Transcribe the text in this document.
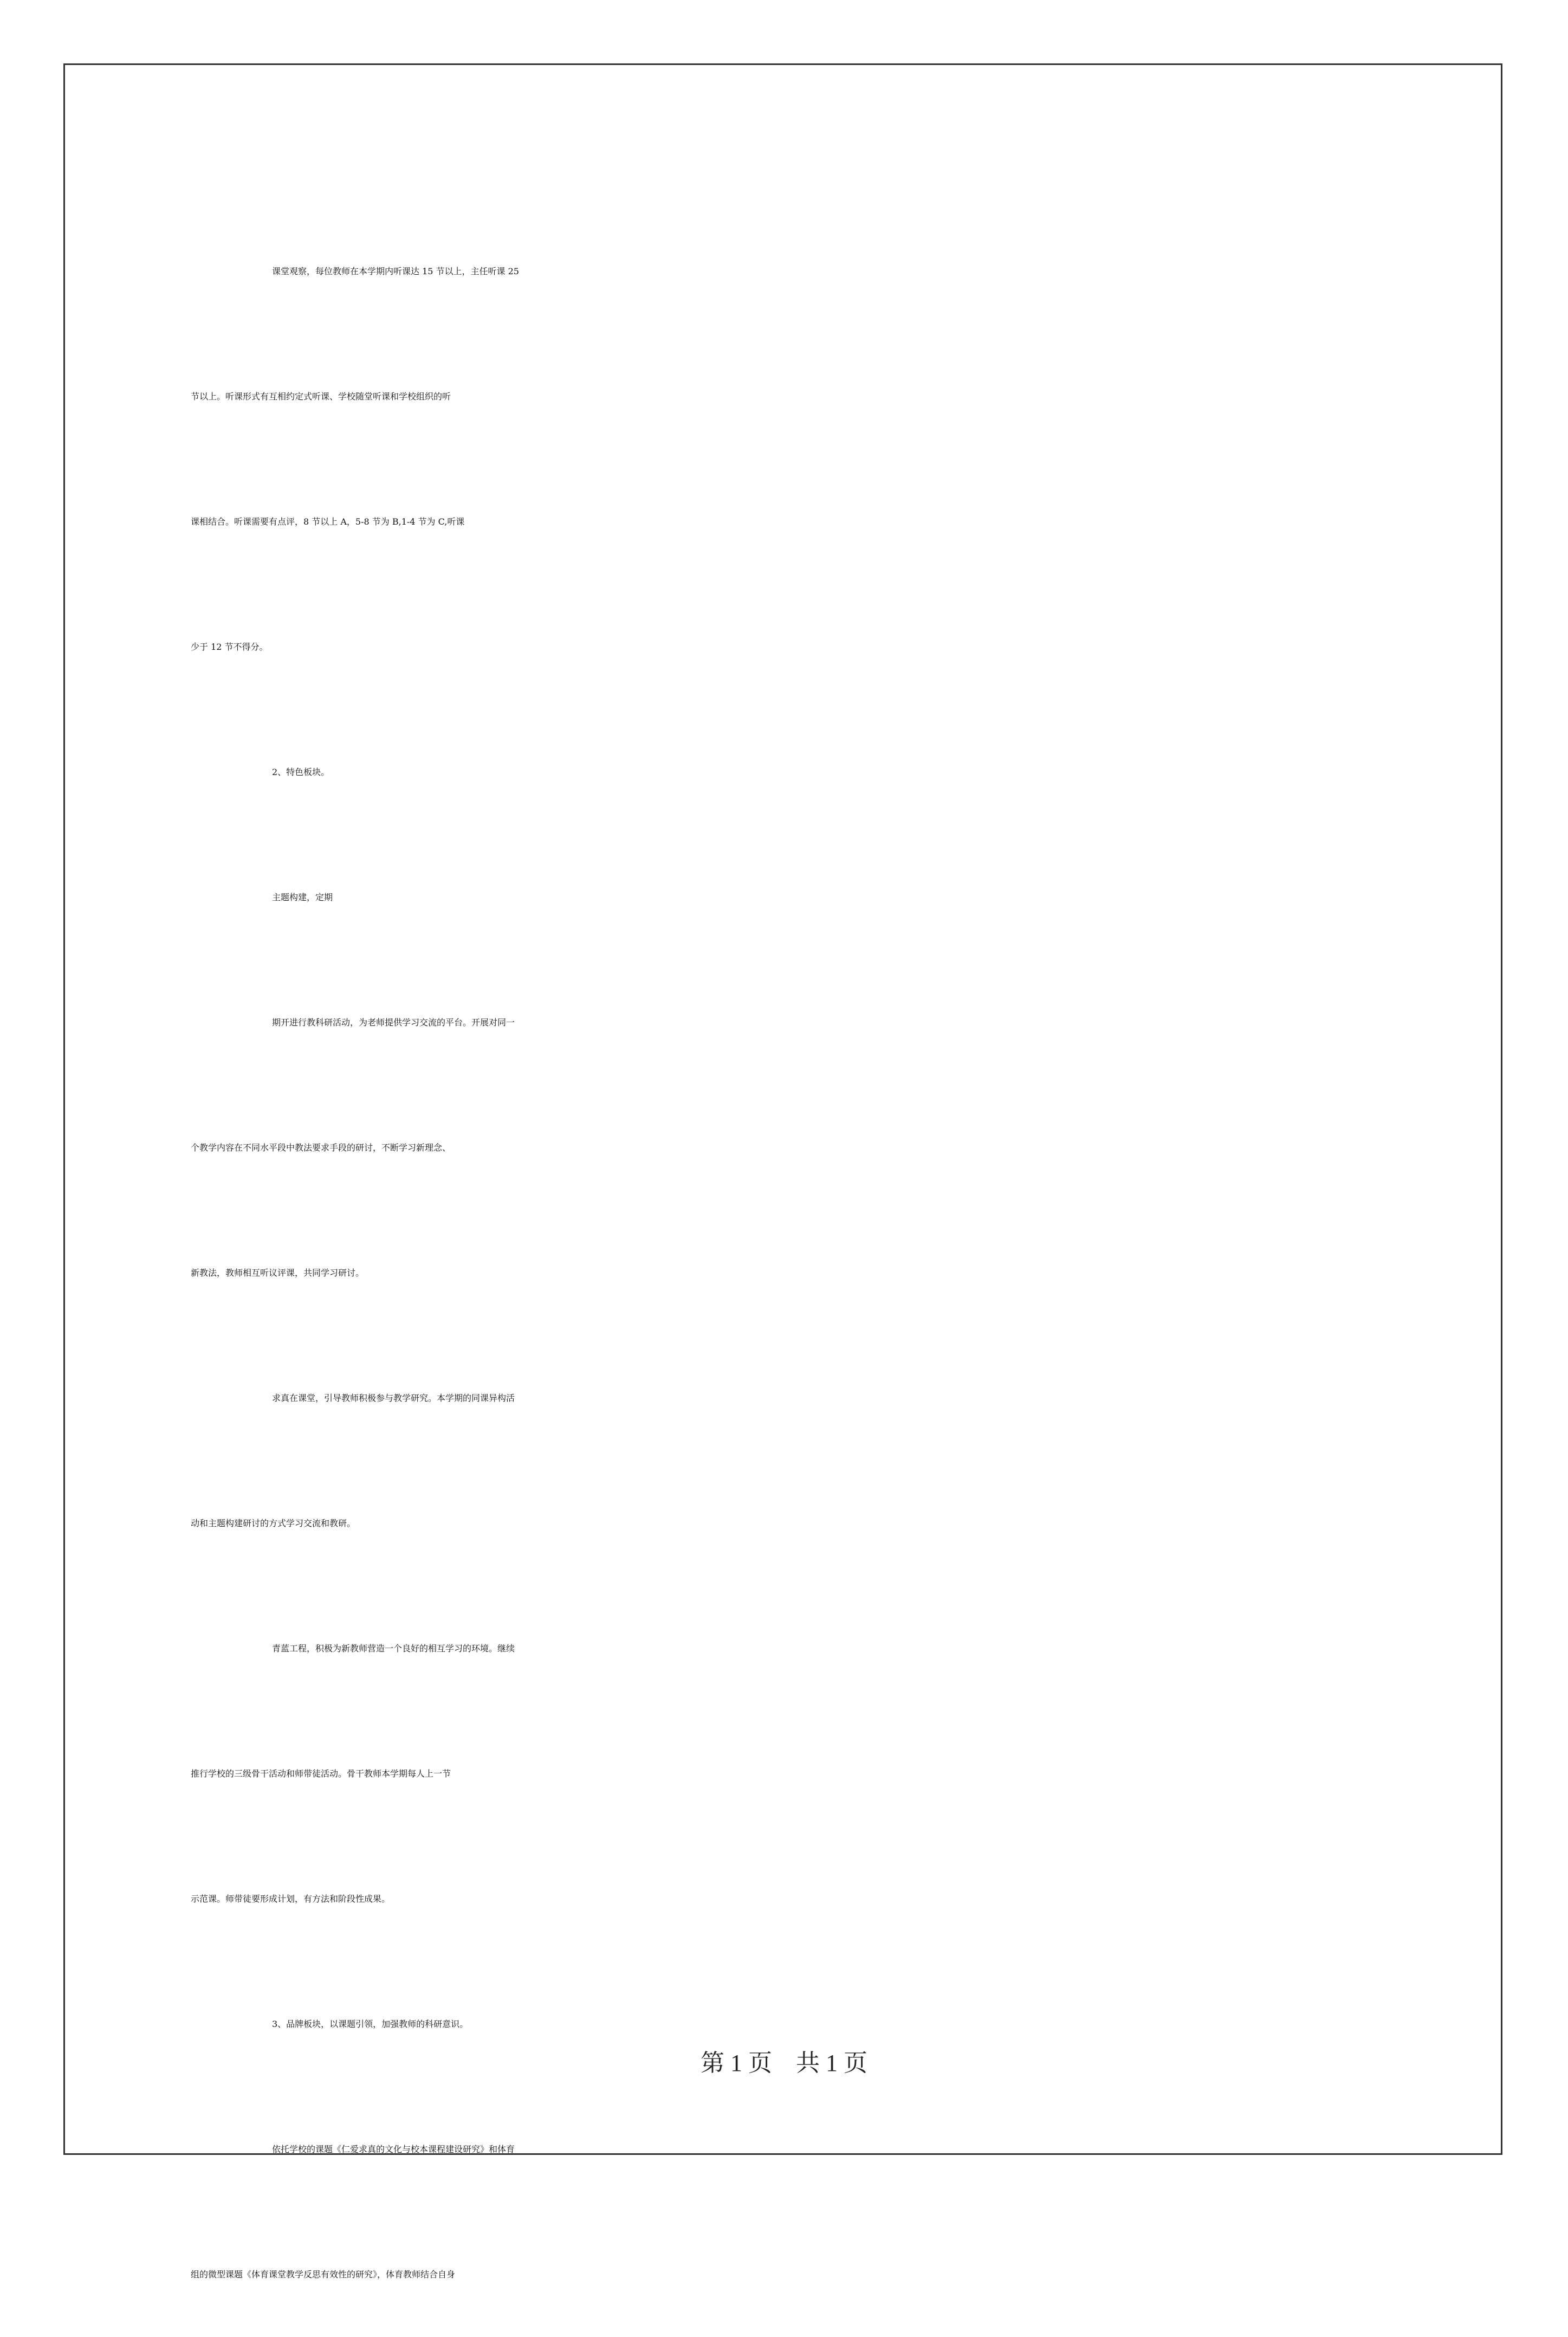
课堂观察，每位教师在本学期内听课达 15 节以上，主任听课 25
节以上。听课形式有互相约定式听课、学校随堂听课和学校组织的听
课相结合。听课需要有点评，8 节以上 A，5-8 节为 B,1-4 节为 C,听课
少于 12 节不得分。
2、特色板块。
主题构建，定期
期开进行教科研活动，为老师提供学习交流的平台。开展对同一
个教学内容在不同水平段中教法要求手段的研讨，不断学习新理念、
新教法，教师相互听议评课，共同学习研讨。
求真在课堂，引导教师积极参与教学研究。本学期的同课异构活
动和主题构建研讨的方式学习交流和教研。
青蓝工程，积极为新教师营造一个良好的相互学习的环境。继续
推行学校的三级骨干活动和师带徒活动。骨干教师本学期每人上一节
示范课。师带徒要形成计划，有方法和阶段性成果。
3、品牌板块，以课题引领，加强教师的科研意识。
依托学校的课题《仁爱求真的文化与校本课程建设研究》和体育
组的微型课题《体育课堂教学反思有效性的研究》，体育教师结合自身
第 1 页　共 1 页
